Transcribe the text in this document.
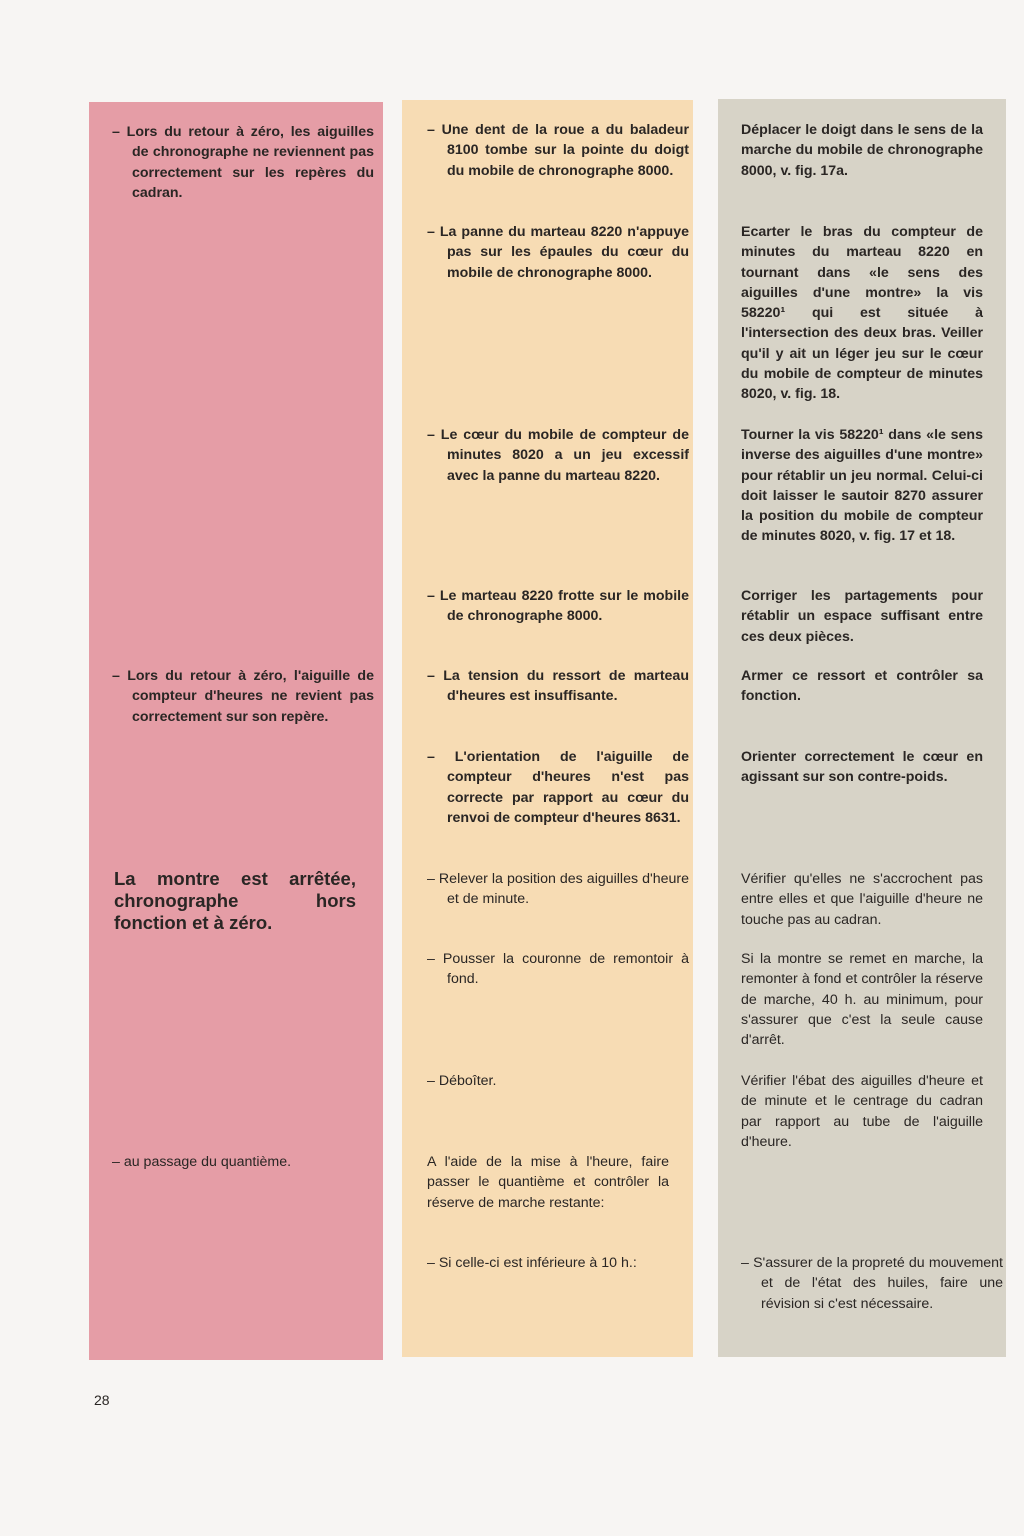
– Lors du retour à zéro, les aiguilles de chronographe ne reviennent pas correctement sur les repères du cadran.

– Lors du retour à zéro, l'aiguille de compteur d'heures ne revient pas correctement sur son repère.

La montre est arrêtée, chronographe hors fonction et à zéro.

– au passage du quantième.

– Une dent de la roue a du baladeur 8100 tombe sur la pointe du doigt du mobile de chronographe 8000.

– La panne du marteau 8220 n'appuye pas sur les épaules du cœur du mobile de chronographe 8000.

– Le cœur du mobile de compteur de minutes 8020 a un jeu excessif avec la panne du marteau 8220.

– Le marteau 8220 frotte sur le mobile de chronographe 8000.

– La tension du ressort de marteau d'heures est insuffisante.

– L'orientation de l'aiguille de compteur d'heures n'est pas correcte par rapport au cœur du renvoi de compteur d'heures 8631.

– Relever la position des aiguilles d'heure et de minute.

– Pousser la couronne de remontoir à fond.

– Déboîter.

A l'aide de la mise à l'heure, faire passer le quantième et contrôler la réserve de marche restante:

– Si celle-ci est inférieure à 10 h.:

Déplacer le doigt dans le sens de la marche du mobile de chronographe 8000, v. fig. 17a.

Ecarter le bras du compteur de minutes du marteau 8220 en tournant dans «le sens des aiguilles d'une montre» la vis 58220¹ qui est située à l'intersection des deux bras. Veiller qu'il y ait un léger jeu sur le cœur du mobile de compteur de minutes 8020, v. fig. 18.

Tourner la vis 58220¹ dans «le sens inverse des aiguilles d'une montre» pour rétablir un jeu normal. Celui-ci doit laisser le sautoir 8270 assurer la position du mobile de compteur de minutes 8020, v. fig. 17 et 18.

Corriger les partagements pour rétablir un espace suffisant entre ces deux pièces.

Armer ce ressort et contrôler sa fonction.

Orienter correctement le cœur en agissant sur son contre-poids.

Vérifier qu'elles ne s'accrochent pas entre elles et que l'aiguille d'heure ne touche pas au cadran.

Si la montre se remet en marche, la remonter à fond et contrôler la réserve de marche, 40 h. au minimum, pour s'assurer que c'est la seule cause d'arrêt.

Vérifier l'ébat des aiguilles d'heure et de minute et le centrage du cadran par rapport au tube de l'aiguille d'heure.

– S'assurer de la propreté du mouvement et de l'état des huiles, faire une révision si c'est nécessaire.

28
